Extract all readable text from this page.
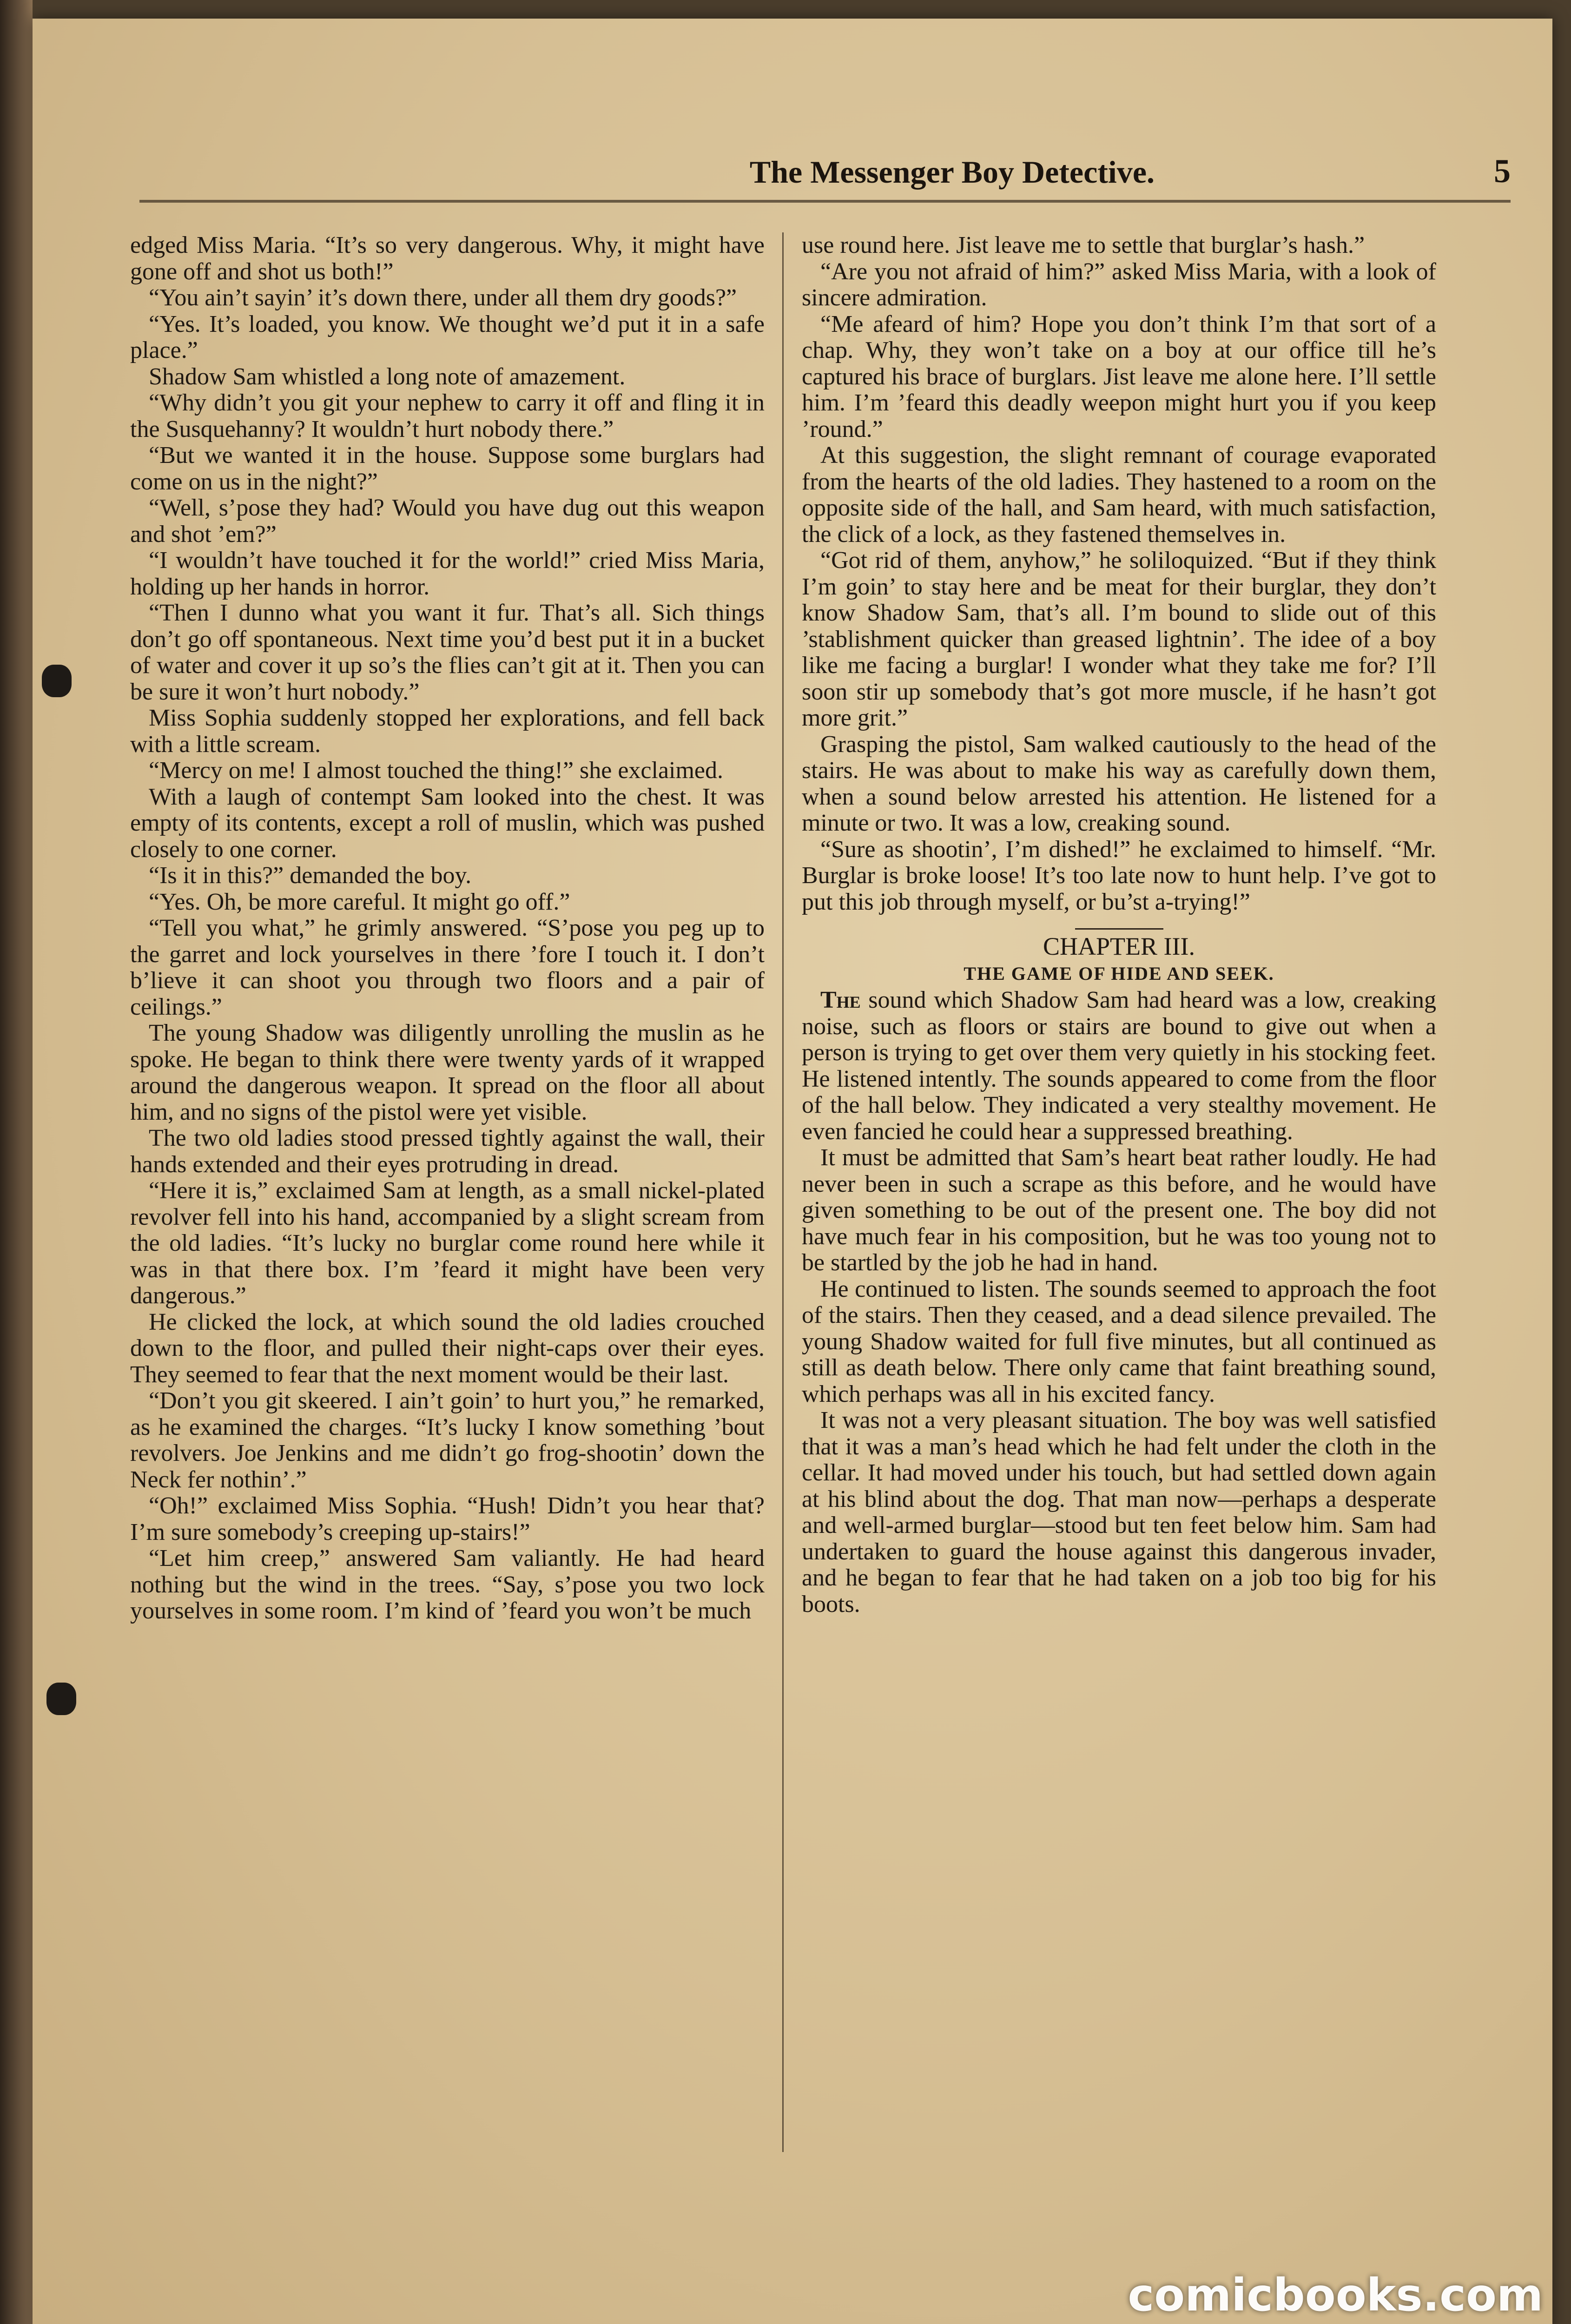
The Messenger Boy Detective.	5

edged Miss Maria. “It’s so very dangerous. Why, it might have gone off and shot us both!”

“You ain’t sayin’ it’s down there, under all them dry goods?”

“Yes. It’s loaded, you know. We thought we’d put it in a safe place.”

Shadow Sam whistled a long note of amazement.

“Why didn’t you git your nephew to carry it off and fling it in the Susquehanny? It wouldn’t hurt nobody there.”

“But we wanted it in the house. Suppose some burglars had come on us in the night?”

“Well, s’pose they had? Would you have dug out this weapon and shot ’em?”

“I wouldn’t have touched it for the world!” cried Miss Maria, holding up her hands in horror.

“Then I dunno what you want it fur. That’s all. Sich things don’t go off spontaneous. Next time you’d best put it in a bucket of water and cover it up so’s the flies can’t git at it. Then you can be sure it won’t hurt nobody.”

Miss Sophia suddenly stopped her explorations, and fell back with a little scream.

“Mercy on me! I almost touched the thing!” she exclaimed.

With a laugh of contempt Sam looked into the chest. It was empty of its contents, except a roll of muslin, which was pushed closely to one corner.

“Is it in this?” demanded the boy.

“Yes. Oh, be more careful. It might go off.”

“Tell you what,” he grimly answered. “S’pose you peg up to the garret and lock yourselves in there ’fore I touch it. I don’t b’lieve it can shoot you through two floors and a pair of ceilings.”

The young Shadow was diligently unrolling the muslin as he spoke. He began to think there were twenty yards of it wrapped around the dangerous weapon. It spread on the floor all about him, and no signs of the pistol were yet visible.

The two old ladies stood pressed tightly against the wall, their hands extended and their eyes protruding in dread.

“Here it is,” exclaimed Sam at length, as a small nickel-plated revolver fell into his hand, accompanied by a slight scream from the old ladies. “It’s lucky no burglar come round here while it was in that there box. I’m ’feard it might have been very dangerous.”

He clicked the lock, at which sound the old ladies crouched down to the floor, and pulled their night-caps over their eyes. They seemed to fear that the next moment would be their last.

“Don’t you git skeered. I ain’t goin’ to hurt you,” he remarked, as he examined the charges. “It’s lucky I know something ’bout revolvers. Joe Jenkins and me didn’t go frog-shootin’ down the Neck fer nothin’.”

“Oh!” exclaimed Miss Sophia. “Hush! Didn’t you hear that? I’m sure somebody’s creeping up-stairs!”

“Let him creep,” answered Sam valiantly. He had heard nothing but the wind in the trees. “Say, s’pose you two lock yourselves in some room. I’m kind of ’feard you won’t be much

use round here. Jist leave me to settle that burglar’s hash.”

“Are you not afraid of him?” asked Miss Maria, with a look of sincere admiration.

“Me afeard of him? Hope you don’t think I’m that sort of a chap. Why, they won’t take on a boy at our office till he’s captured his brace of burglars. Jist leave me alone here. I’ll settle him. I’m ’feard this deadly weepon might hurt you if you keep ’round.”

At this suggestion, the slight remnant of courage evaporated from the hearts of the old ladies. They hastened to a room on the opposite side of the hall, and Sam heard, with much satisfaction, the click of a lock, as they fastened themselves in.

“Got rid of them, anyhow,” he soliloquized. “But if they think I’m goin’ to stay here and be meat for their burglar, they don’t know Shadow Sam, that’s all. I’m bound to slide out of this ’stablishment quicker than greased lightnin’. The idee of a boy like me facing a burglar! I wonder what they take me for? I’ll soon stir up somebody that’s got more muscle, if he hasn’t got more grit.”

Grasping the pistol, Sam walked cautiously to the head of the stairs. He was about to make his way as carefully down them, when a sound below arrested his attention. He listened for a minute or two. It was a low, creaking sound.

“Sure as shootin’, I’m dished!” he exclaimed to himself. “Mr. Burglar is broke loose! It’s too late now to hunt help. I’ve got to put this job through myself, or bu’st a-trying!”

CHAPTER III.

THE GAME OF HIDE AND SEEK.

The sound which Shadow Sam had heard was a low, creaking noise, such as floors or stairs are bound to give out when a person is trying to get over them very quietly in his stocking feet. He listened intently. The sounds appeared to come from the floor of the hall below. They indicated a very stealthy movement. He even fancied he could hear a suppressed breathing.

It must be admitted that Sam’s heart beat rather loudly. He had never been in such a scrape as this before, and he would have given something to be out of the present one. The boy did not have much fear in his composition, but he was too young not to be startled by the job he had in hand.

He continued to listen. The sounds seemed to approach the foot of the stairs. Then they ceased, and a dead silence prevailed. The young Shadow waited for full five minutes, but all continued as still as death below. There only came that faint breathing sound, which perhaps was all in his excited fancy.

It was not a very pleasant situation. The boy was well satisfied that it was a man’s head which he had felt under the cloth in the cellar. It had moved under his touch, but had settled down again at his blind about the dog. That man now—perhaps a desperate and well-armed burglar—stood but ten feet below him. Sam had undertaken to guard the house against this dangerous invader, and he began to fear that he had taken on a job too big for his boots.

comicbooks.com
